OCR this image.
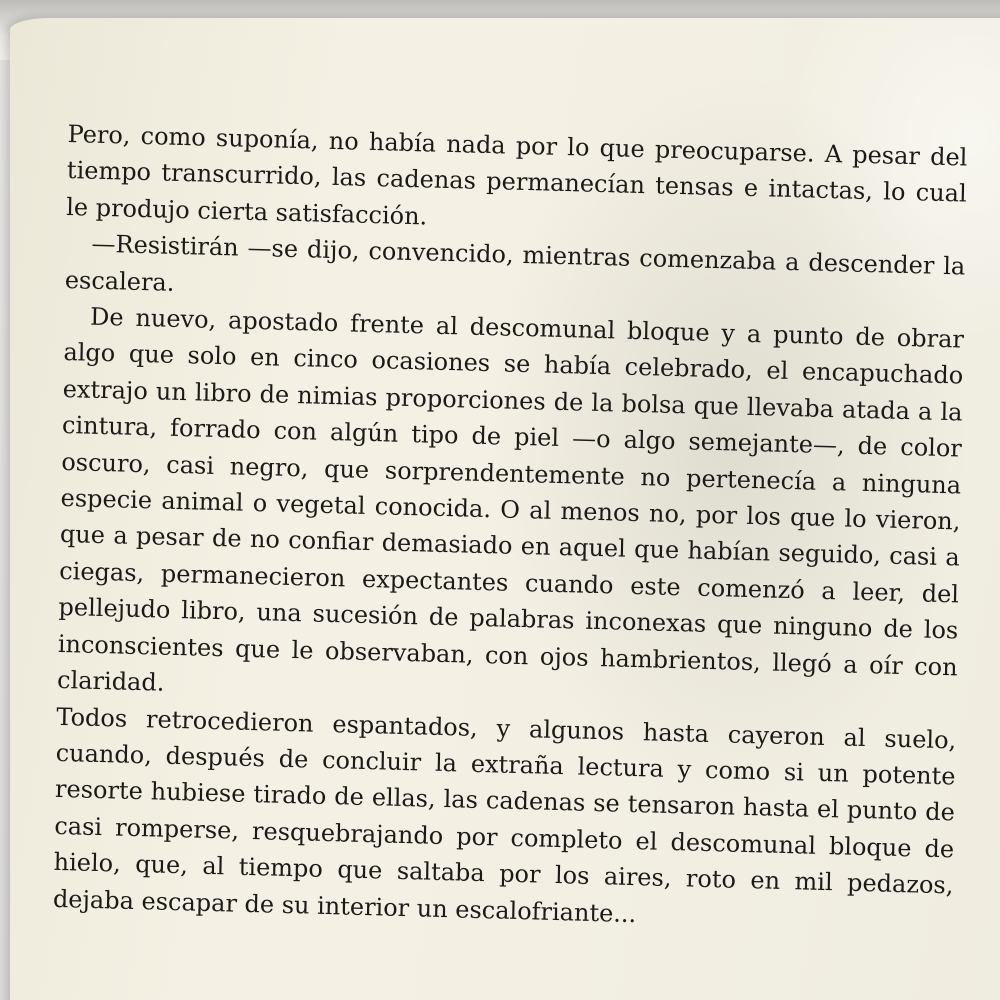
Pero, como suponía, no había nada por lo que preocuparse. A pesar del tiempo transcurrido, las cadenas permanecían tensas e intactas, lo cual le produjo cierta satisfacción.

—Resistirán —se dijo, convencido, mientras comenzaba a descender la escalera.

De nuevo, apostado frente al descomunal bloque y a punto de obrar algo que solo en cinco ocasiones se había celebrado, el encapuchado extrajo un libro de nimias proporciones de la bolsa que llevaba atada a la cintura, forrado con algún tipo de piel —o algo semejante—, de color oscuro, casi negro, que sorprendentemente no pertenecía a ninguna especie animal o vegetal conocida. O al menos no, por los que lo vieron, que a pesar de no confiar demasiado en aquel que habían seguido, casi a ciegas, permanecieron expectantes cuando este comenzó a leer, del pellejudo libro, una sucesión de palabras inconexas que ninguno de los inconscientes que le observaban, con ojos hambrientos, llegó a oír con claridad.

Todos retrocedieron espantados, y algunos hasta cayeron al suelo, cuando, después de concluir la extraña lectura y como si un potente resorte hubiese tirado de ellas, las cadenas se tensaron hasta el punto de casi romperse, resquebrajando por completo el descomunal bloque de hielo, que, al tiempo que saltaba por los aires, roto en mil pedazos, dejaba escapar de su interior un escalofriante...
